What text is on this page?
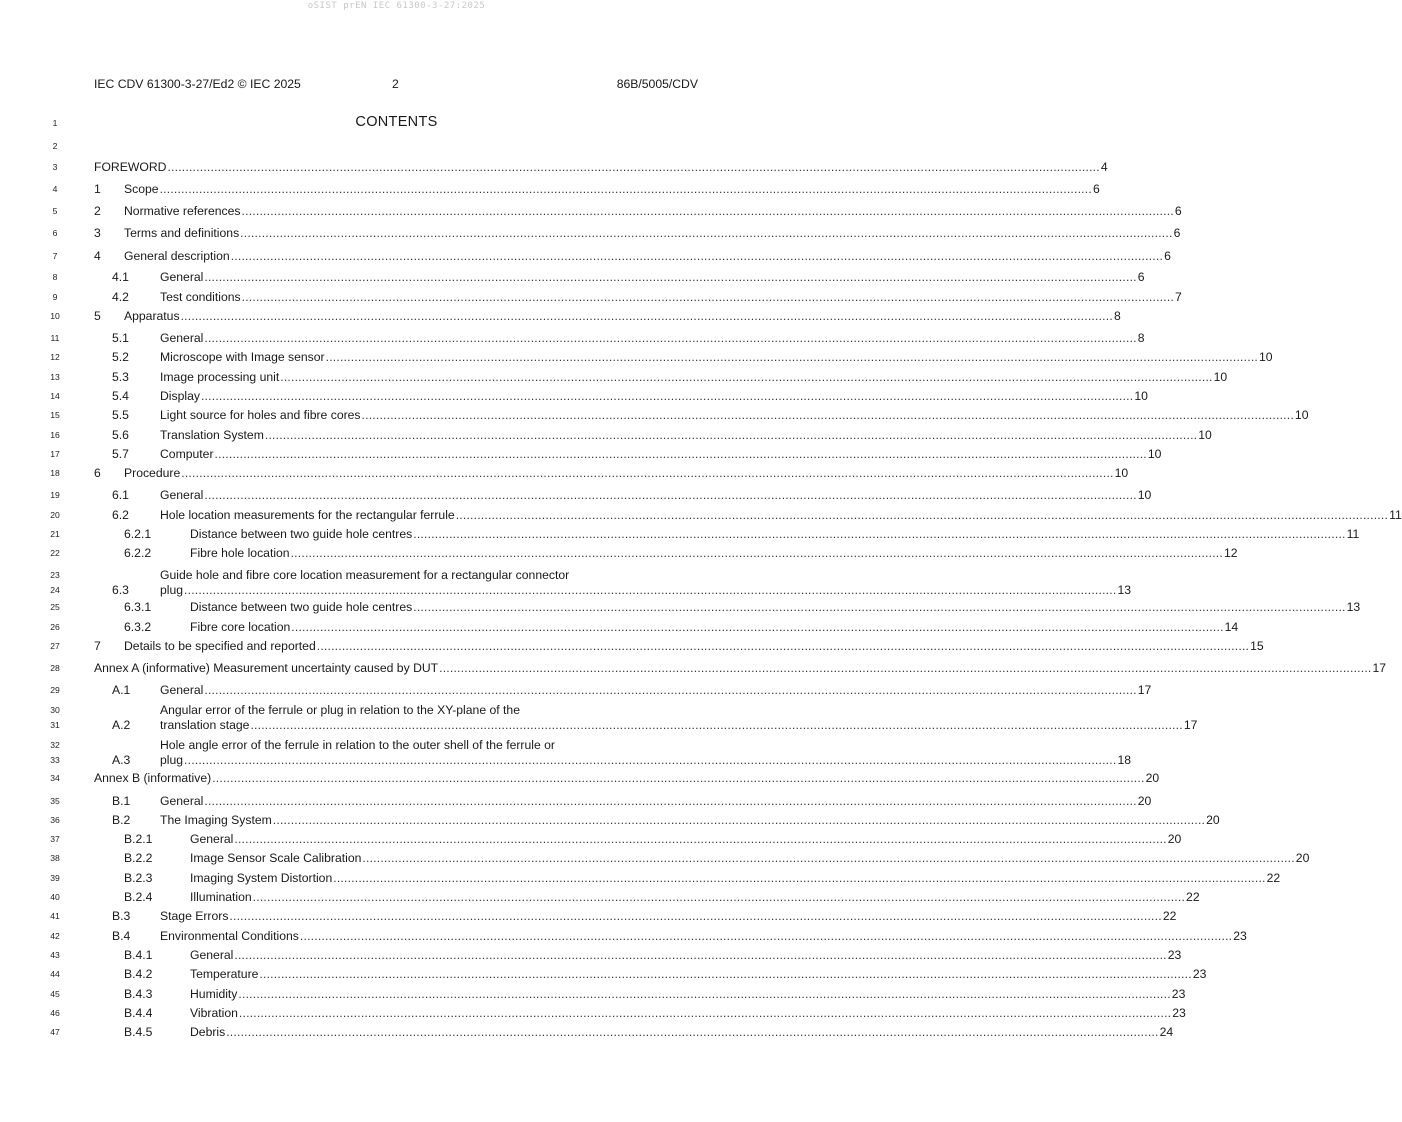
oSIST prEN IEC 61300-3-27:2025
IEC CDV 61300-3-27/Ed2 © IEC 2025	2	86B/5005/CDV
1
2
CONTENTS
FOREWORD .................................................................................................................................................................................................................................................................... 4
3
1 Scope .................................................................................................................................................................................................................................................................... 6
4
2 Normative references .................................................................................................................................................................................................................................................................... 6
5
3 Terms and definitions .................................................................................................................................................................................................................................................................... 6
6
4 General description .................................................................................................................................................................................................................................................................... 6
7
4.1	General .................................................................................................................................................................................................................................................................... 6
8
4.2	Test conditions .................................................................................................................................................................................................................................................................... 7
9
5 Apparatus .................................................................................................................................................................................................................................................................... 8
10
5.1	General .................................................................................................................................................................................................................................................................... 8
11
5.2	Microscope with Image sensor .................................................................................................................................................................................................................................................................... 10
12
5.3	Image processing unit .................................................................................................................................................................................................................................................................... 10
13
5.4	Display .................................................................................................................................................................................................................................................................... 10
14
5.5	Light source for holes and fibre cores .................................................................................................................................................................................................................................................................... 10
15
5.6	Translation System .................................................................................................................................................................................................................................................................... 10
16
5.7	Computer .................................................................................................................................................................................................................................................................... 10
17
6 Procedure .................................................................................................................................................................................................................................................................... 10
18
6.1	General .................................................................................................................................................................................................................................................................... 10
19
6.2	Hole location measurements for the rectangular ferrule .................................................................................................................................................................................................................................................................... 11
20
6.2.1	Distance between two guide hole centres .................................................................................................................................................................................................................................................................... 11
21
6.2.2	Fibre hole location .................................................................................................................................................................................................................................................................... 12
22
23
6.3
Guide hole and fibre core location measurement for a rectangular connector
plug .................................................................................................................................................................................................................................................................... 13
24
6.3.1	Distance between two guide hole centres .................................................................................................................................................................................................................................................................... 13
25
6.3.2	Fibre core location .................................................................................................................................................................................................................................................................... 14
26
7 Details to be specified and reported .................................................................................................................................................................................................................................................................... 15
27
Annex A (informative) Measurement uncertainty caused by DUT .................................................................................................................................................................................................................................................................... 17
28
A.1 General .................................................................................................................................................................................................................................................................... 17
29
30
A.2
Angular error of the ferrule or plug in relation to the XY-plane of the
translation stage .................................................................................................................................................................................................................................................................... 17
31
32
A.3
Hole angle error of the ferrule in relation to the outer shell of the ferrule or
plug .................................................................................................................................................................................................................................................................... 18
33
Annex B (informative) .................................................................................................................................................................................................................................................................... 20
34
B.1 General .................................................................................................................................................................................................................................................................... 20
35
B.2 The Imaging System .................................................................................................................................................................................................................................................................... 20
36
B.2.1	General .................................................................................................................................................................................................................................................................... 20
37
B.2.2	Image Sensor Scale Calibration .................................................................................................................................................................................................................................................................... 20
38
B.2.3	Imaging System Distortion .................................................................................................................................................................................................................................................................... 22
39
B.2.4	Illumination .................................................................................................................................................................................................................................................................... 22
40
B.3 Stage Errors .................................................................................................................................................................................................................................................................... 22
41
B.4 Environmental Conditions .................................................................................................................................................................................................................................................................... 23
42
B.4.1	General .................................................................................................................................................................................................................................................................... 23
43
B.4.2	Temperature .................................................................................................................................................................................................................................................................... 23
44
B.4.3	Humidity .................................................................................................................................................................................................................................................................... 23
45
B.4.4	Vibration .................................................................................................................................................................................................................................................................... 23
46
B.4.5	Debris .................................................................................................................................................................................................................................................................... 24
47
